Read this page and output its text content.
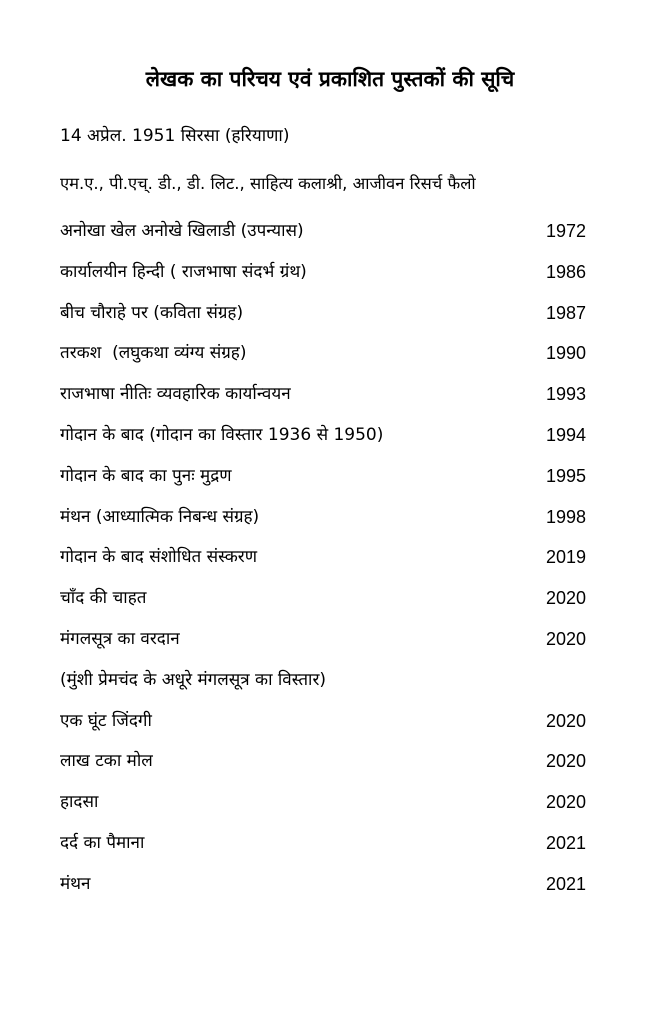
लेखक का परिचय एवं प्रकाशित पुस्तकों की सूचि
14 अप्रेल. 1951 सिरसा (हरियाणा)
एम.ए., पी.एच्. डी., डी. लिट., साहित्य कलाश्री, आजीवन रिसर्च फैलो
अनोखा खेल अनोखे खिलाडी (उपन्यास)	1972
कार्यालयीन हिन्दी ( राजभाषा संदर्भ ग्रंथ)	1986
बीच चौराहे पर (कविता संग्रह)	1987
तरकश  (लघुकथा व्यंग्य संग्रह)	1990
राजभाषा नीतिः व्यवहारिक कार्यान्वयन	1993
गोदान के बाद (गोदान का विस्तार 1936 से 1950)	1994
गोदान के बाद का पुनः मुद्रण	1995
मंथन (आध्यात्मिक निबन्ध संग्रह)	1998
गोदान के बाद संशोधित संस्करण	2019
चाँद की चाहत	2020
मंगलसूत्र का वरदान	2020
(मुंशी प्रेमचंद के अधूरे मंगलसूत्र का विस्तार)
एक घूंट जिंदगी	2020
लाख टका मोल	2020
हादसा	2020
दर्द का पैमाना	2021
मंथन	2021
